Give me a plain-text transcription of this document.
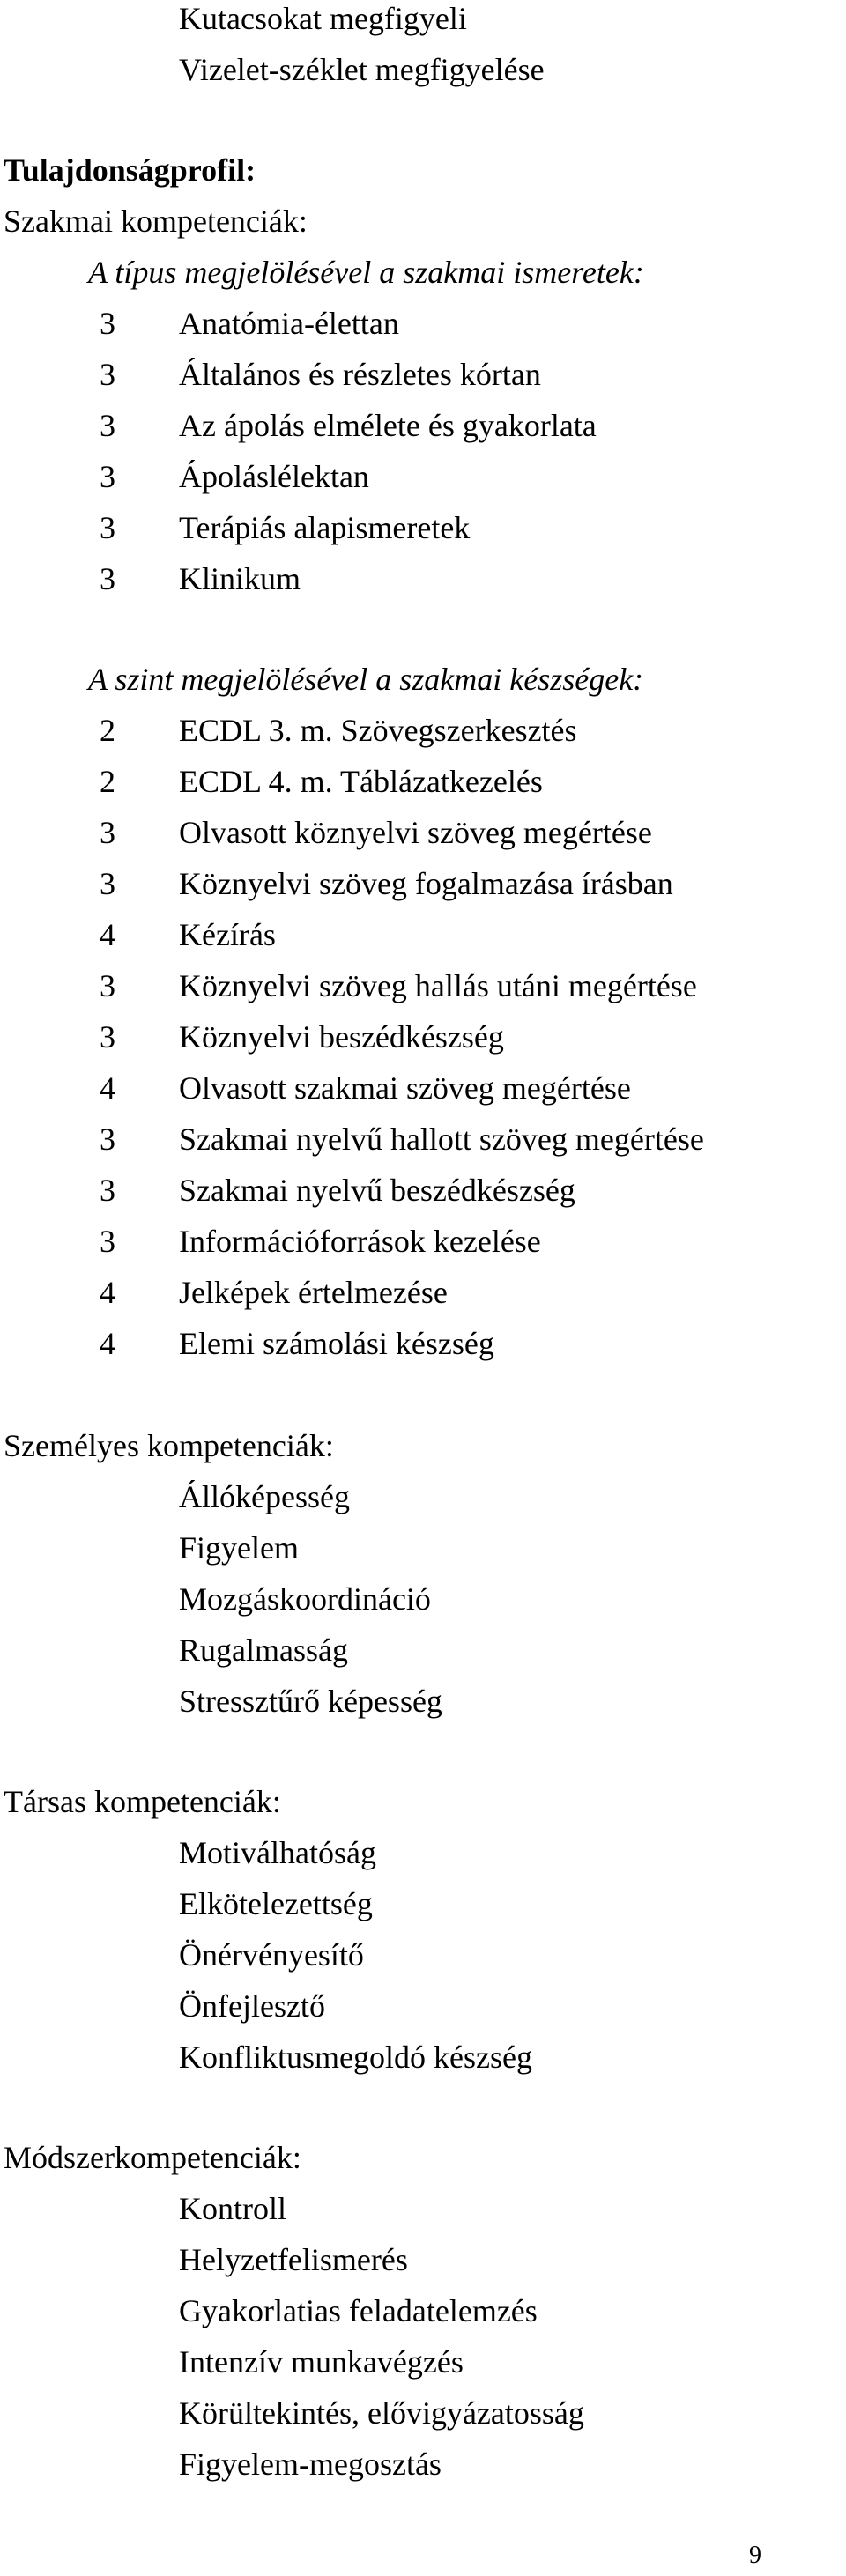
Kutacsokat megfigyeli
Vizelet-széklet megfigyelése
Tulajdonságprofil:
Szakmai kompetenciák:
A típus megjelölésével a szakmai ismeretek:
3 Anatómia-élettan
3 Általános és részletes kórtan
3 Az ápolás elmélete és gyakorlata
3 Ápoláslélektan
3 Terápiás alapismeretek
3 Klinikum
A szint megjelölésével a szakmai készségek:
2 ECDL 3. m. Szövegszerkesztés
2 ECDL 4. m. Táblázatkezelés
3 Olvasott köznyelvi szöveg megértése
3 Köznyelvi szöveg fogalmazása írásban
4 Kézírás
3 Köznyelvi szöveg hallás utáni megértése
3 Köznyelvi beszédkészség
4 Olvasott szakmai szöveg megértése
3 Szakmai nyelvű hallott szöveg megértése
3 Szakmai nyelvű beszédkészség
3 Információforrások kezelése
4 Jelképek értelmezése
4 Elemi számolási készség
Személyes kompetenciák:
Állóképesség
Figyelem
Mozgáskoordináció
Rugalmasság
Stressztűrő képesség
Társas kompetenciák:
Motiválhatóság
Elkötelezettség
Önérvényesítő
Önfejlesztő
Konfliktusmegoldó készség
Módszerkompetenciák:
Kontroll
Helyzetfelismerés
Gyakorlatias feladatelemzés
Intenzív munkavégzés
Körültekintés, elővigyázatosság
Figyelem-megosztás
9
